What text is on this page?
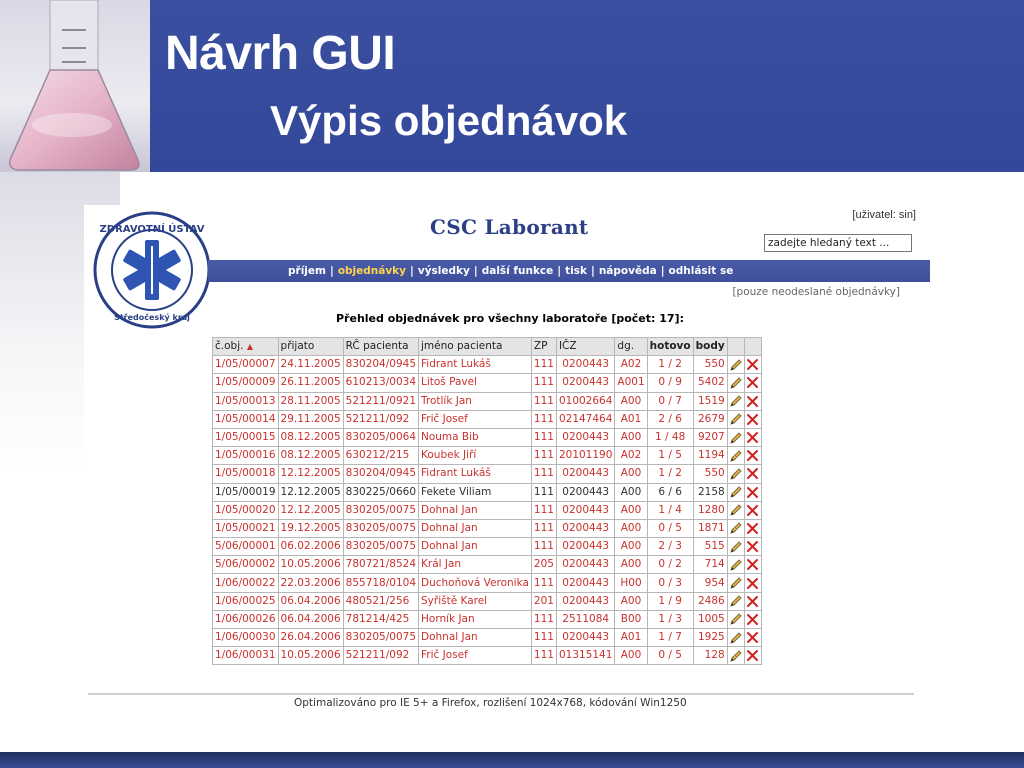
Návrh GUI
Výpis objednávok
ZDRAVOTNÍ ÚSTAV
Středočeský kraj
CSC Laborant	[uživatel: sin]
zadejte hledaný text ...
příjem | objednávky | výsledky | další funkce | tisk | nápověda | odhlásit se
[pouze neodeslané objednávky]
Přehled objednávek pro všechny laboratoře [počet: 17]:
č.obj. ▲	přijato	RČ pacienta	jméno pacienta	ZP	IČZ	dg.	hotovo	body		
1/05/00007	24.11.2005	830204/0945	Fidrant Lukáš	111	0200443	A02	1 / 2	550	

1/05/00009	26.11.2005	610213/0034	Litoš Pavel	111	0200443	A001	0 / 9	5402	

1/05/00013	28.11.2005	521211/0921	Trotlík Jan	111	01002664	A00	0 / 7	1519	

1/05/00014	29.11.2005	521211/092	Frič Josef	111	02147464	A01	2 / 6	2679	

1/05/00015	08.12.2005	830205/0064	Nouma Bib	111	0200443	A00	1 / 48	9207	

1/05/00016	08.12.2005	630212/215	Koubek Jiří	111	20101190	A02	1 / 5	1194	

1/05/00018	12.12.2005	830204/0945	Fidrant Lukáš	111	0200443	A00	1 / 2	550	

1/05/00019	12.12.2005	830225/0660	Fekete Viliam	111	0200443	A00	6 / 6	2158	

1/05/00020	12.12.2005	830205/0075	Dohnal Jan	111	0200443	A00	1 / 4	1280	

1/05/00021	19.12.2005	830205/0075	Dohnal Jan	111	0200443	A00	0 / 5	1871	

5/06/00001	06.02.2006	830205/0075	Dohnal Jan	111	0200443	A00	2 / 3	515	

5/06/00002	10.05.2006	780721/8524	Král Jan	205	0200443	A00	0 / 2	714	

1/06/00022	22.03.2006	855718/0104	Duchoňová Veronika	111	0200443	H00	0 / 3	954	

1/06/00025	06.04.2006	480521/256	Syřiště Karel	201	0200443	A00	1 / 9	2486	

1/06/00026	06.04.2006	781214/425	Horník Jan	111	2511084	B00	1 / 3	1005	

1/06/00030	26.04.2006	830205/0075	Dohnal Jan	111	0200443	A01	1 / 7	1925	

1/06/00031	10.05.2006	521211/092	Frič Josef	111	01315141	A00	0 / 5	128	

Optimalizováno pro IE 5+ a Firefox, rozlišení 1024x768, kódování Win1250
